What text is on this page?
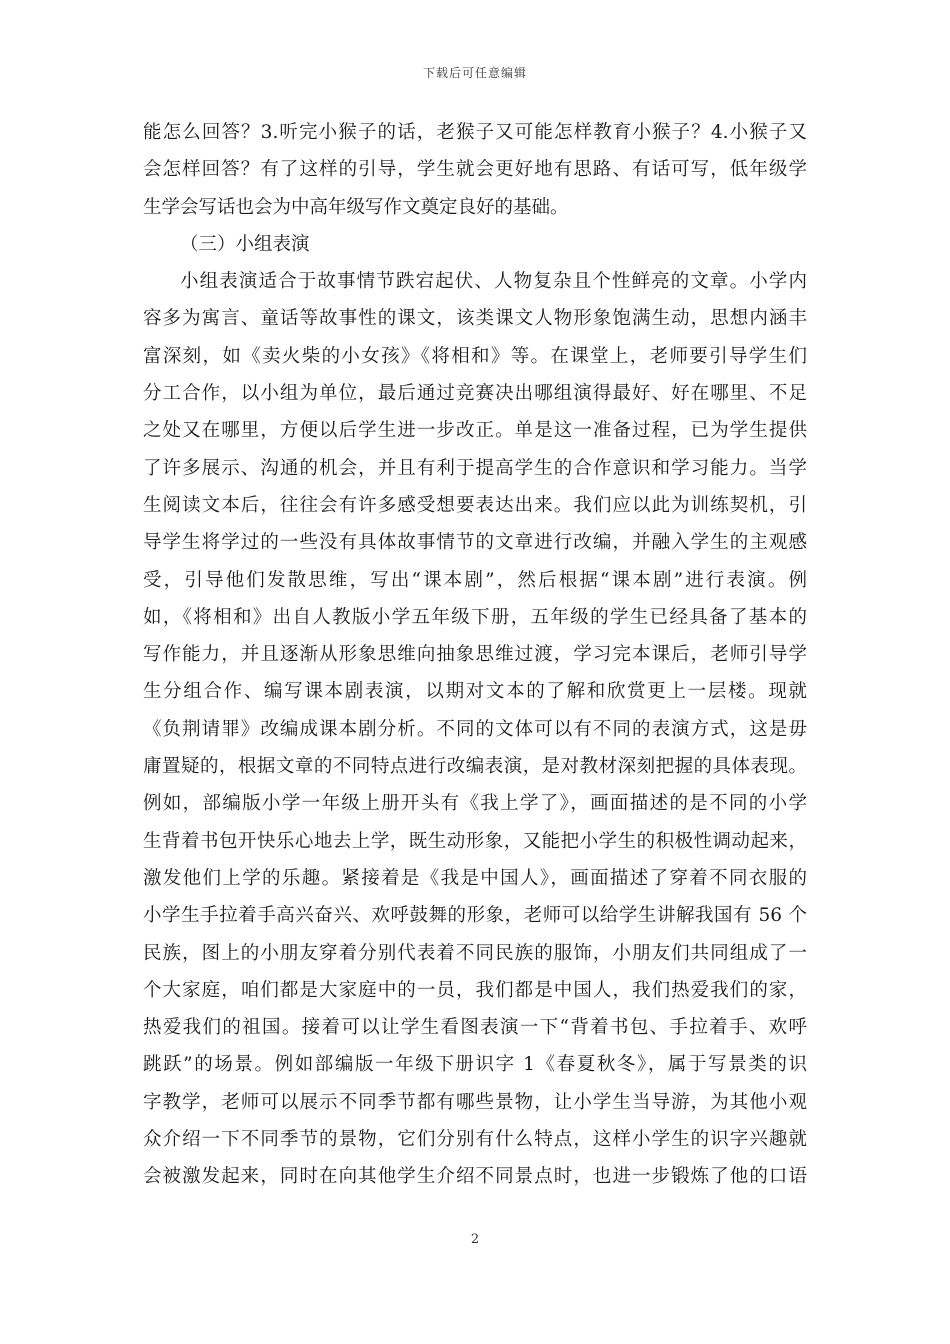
下载后可任意编辑
能怎么回答？3.听完小猴子的话，老猴子又可能怎样教育小猴子？4.小猴子又
会怎样回答？有了这样的引导，学生就会更好地有思路、有话可写，低年级学
生学会写话也会为中高年级写作文奠定良好的基础。
（三）小组表演
小组表演适合于故事情节跌宕起伏、人物复杂且个性鲜亮的文章。小学内
容多为寓言、童话等故事性的课文，该类课文人物形象饱满生动，思想内涵丰
富深刻，如《卖火柴的小女孩》《将相和》等。在课堂上，老师要引导学生们
分工合作，以小组为单位，最后通过竞赛决出哪组演得最好、好在哪里、不足
之处又在哪里，方便以后学生进一步改正。单是这一准备过程，已为学生提供
了许多展示、沟通的机会，并且有利于提高学生的合作意识和学习能力。当学
生阅读文本后，往往会有许多感受想要表达出来。我们应以此为训练契机，引
导学生将学过的一些没有具体故事情节的文章进行改编，并融入学生的主观感
受，引导他们发散思维，写出“课本剧”，然后根据“课本剧”进行表演。例
如，《将相和》出自人教版小学五年级下册，五年级的学生已经具备了基本的
写作能力，并且逐渐从形象思维向抽象思维过渡，学习完本课后，老师引导学
生分组合作、编写课本剧表演，以期对文本的了解和欣赏更上一层楼。现就
《负荆请罪》改编成课本剧分析。不同的文体可以有不同的表演方式，这是毋
庸置疑的，根据文章的不同特点进行改编表演，是对教材深刻把握的具体表现。
例如，部编版小学一年级上册开头有《我上学了》，画面描述的是不同的小学
生背着书包开快乐心地去上学，既生动形象，又能把小学生的积极性调动起来，
激发他们上学的乐趣。紧接着是《我是中国人》，画面描述了穿着不同衣服的
小学生手拉着手高兴奋兴、欢呼鼓舞的形象，老师可以给学生讲解我国有 56 个
民族，图上的小朋友穿着分别代表着不同民族的服饰，小朋友们共同组成了一
个大家庭，咱们都是大家庭中的一员，我们都是中国人，我们热爱我们的家，
热爱我们的祖国。接着可以让学生看图表演一下“背着书包、手拉着手、欢呼
跳跃”的场景。例如部编版一年级下册识字 1《春夏秋冬》，属于写景类的识
字教学，老师可以展示不同季节都有哪些景物，让小学生当导游，为其他小观
众介绍一下不同季节的景物，它们分别有什么特点，这样小学生的识字兴趣就
会被激发起来，同时在向其他学生介绍不同景点时，也进一步锻炼了他的口语
2
